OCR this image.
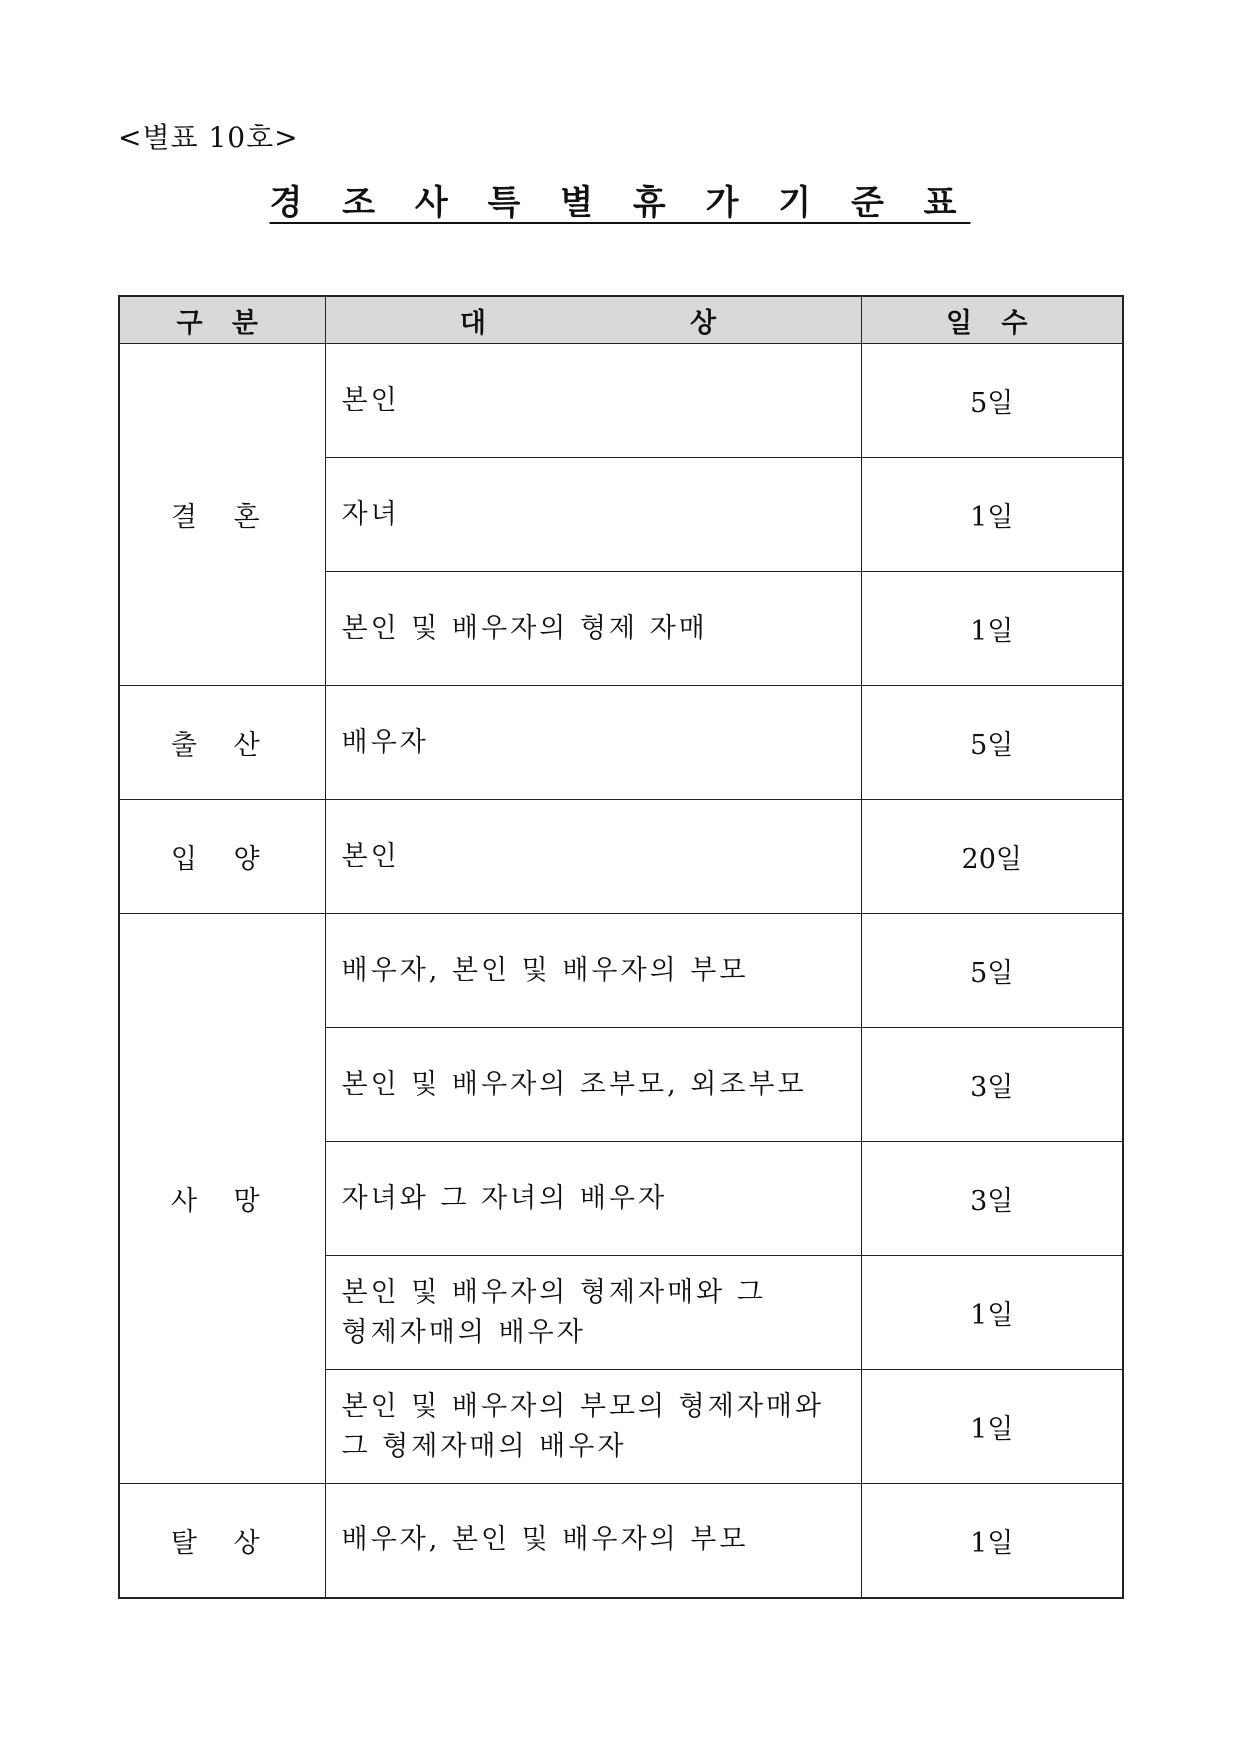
<별표 10호>
경 조 사 특 별 휴 가 기 준 표
구 분	대          상	일 수
결 혼	본인	5일
	자녀	1일
	본인 및 배우자의 형제 자매	1일
출 산	배우자	5일
입 양	본인	20일
사 망	배우자, 본인 및 배우자의 부모	5일
	본인 및 배우자의 조부모, 외조부모	3일
	자녀와 그 자녀의 배우자	3일
	본인 및 배우자의 형제자매와 그 형제자매의 배우자	1일
	본인 및 배우자의 부모의 형제자매와 그 형제자매의 배우자	1일
탈 상	배우자, 본인 및 배우자의 부모	1일
